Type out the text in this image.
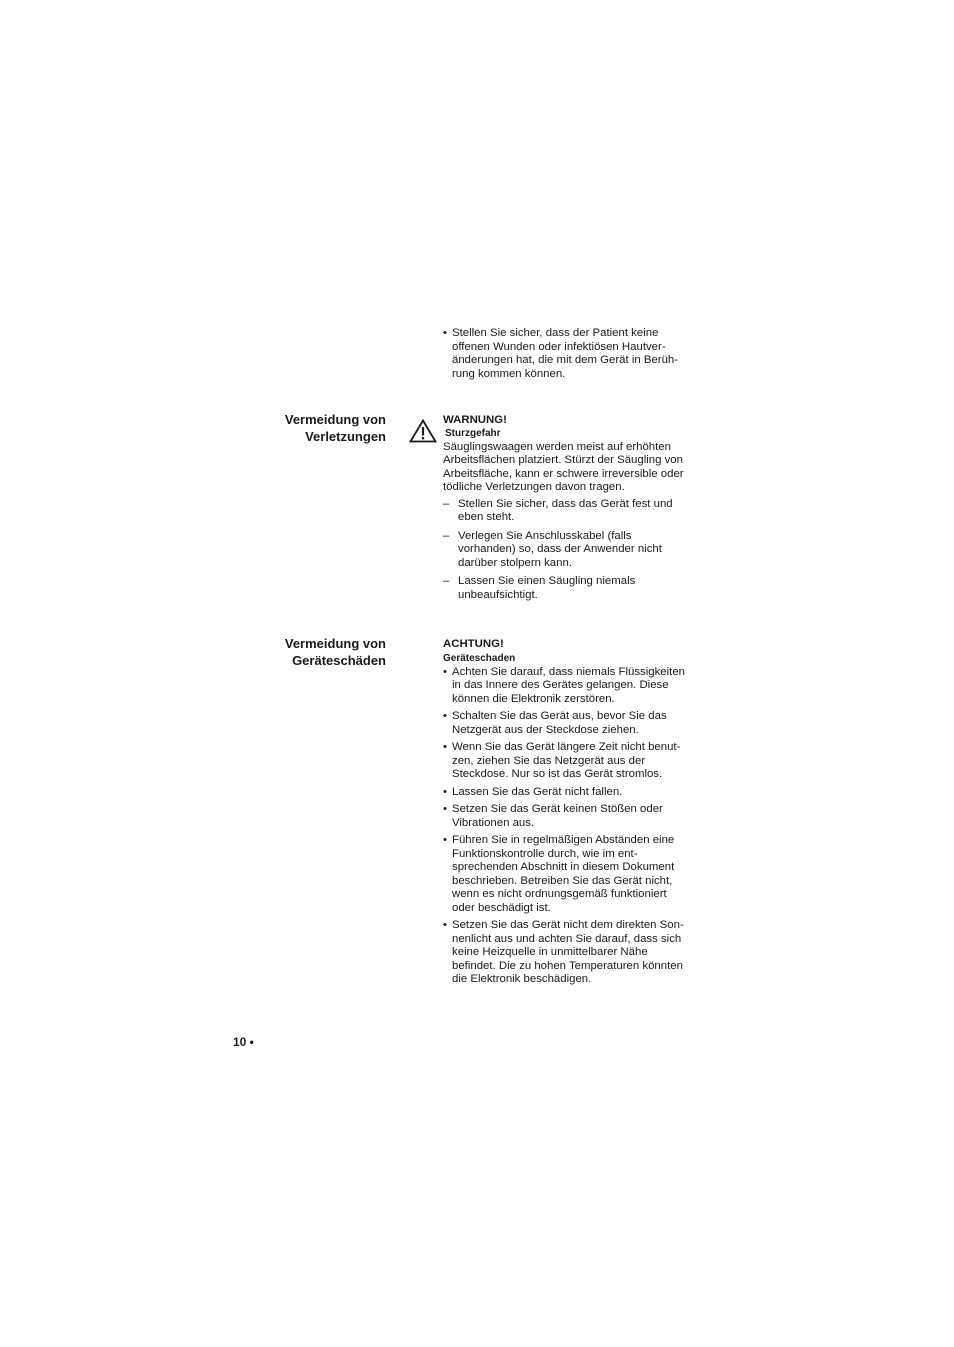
• Stellen Sie sicher, dass der Patient keine
offenen Wunden oder infektiösen Hautver-
änderungen hat, die mit dem Gerät in Berüh-
rung kommen können.
Vermeidung von
Verletzungen
WARNUNG!
Sturzgefahr
Säuglingswaagen werden meist auf erhöhten
Arbeitsflächen platziert. Stürzt der Säugling von
Arbeitsfläche, kann er schwere irreversible oder
tödliche Verletzungen davon tragen.
– Stellen Sie sicher, dass das Gerät fest und
eben steht.
– Verlegen Sie Anschlusskabel (falls
vorhanden) so, dass der Anwender nicht
darüber stolpern kann.
– Lassen Sie einen Säugling niemals
unbeaufsichtigt.
Vermeidung von
Geräteschäden
ACHTUNG!
Geräteschaden
• Achten Sie darauf, dass niemals Flüssigkeiten
in das Innere des Gerätes gelangen. Diese
können die Elektronik zerstören.
• Schalten Sie das Gerät aus, bevor Sie das
Netzgerät aus der Steckdose ziehen.
• Wenn Sie das Gerät längere Zeit nicht benut-
zen, ziehen Sie das Netzgerät aus der
Steckdose. Nur so ist das Gerät stromlos.
• Lassen Sie das Gerät nicht fallen.
• Setzen Sie das Gerät keinen Stößen oder
Vibrationen aus.
• Führen Sie in regelmäßigen Abständen eine
Funktionskontrolle durch, wie im ent-
sprechenden Abschnitt in diesem Dokument
beschrieben. Betreiben Sie das Gerät nicht,
wenn es nicht ordnungsgemäß funktioniert
oder beschädigt ist.
• Setzen Sie das Gerät nicht dem direkten Son-
nenlicht aus und achten Sie darauf, dass sich
keine Heizquelle in unmittelbarer Nähe
befindet. Die zu hohen Temperaturen könnten
die Elektronik beschädigen.
10 •
